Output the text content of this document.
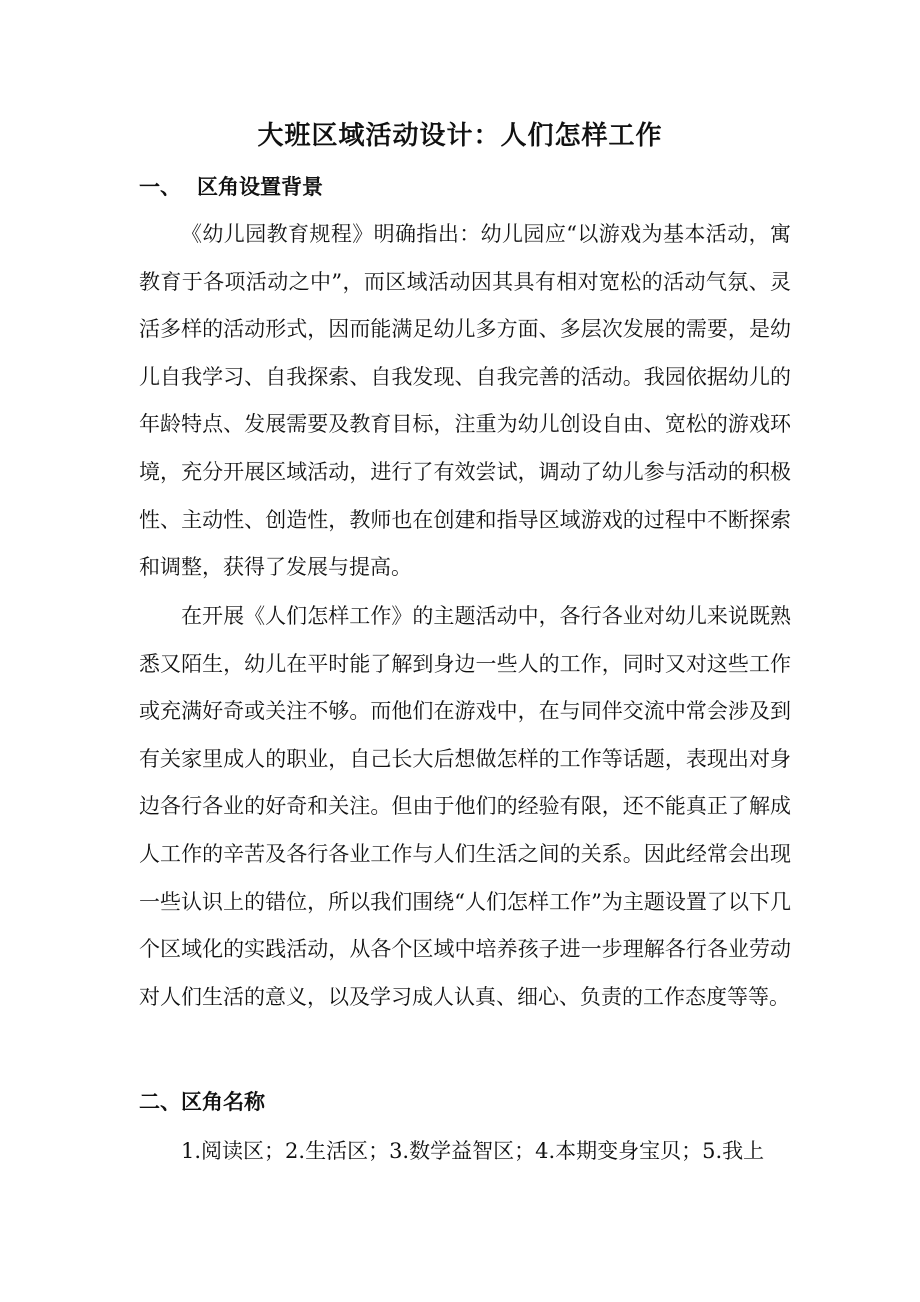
大班区域活动设计：人们怎样工作
一、 区角设置背景

《幼儿园教育规程》明确指出：幼儿园应“以游戏为基本活动，寓教育于各项活动之中”，而区域活动因其具有相对宽松的活动气氛、灵活多样的活动形式，因而能满足幼儿多方面、多层次发展的需要，是幼儿自我学习、自我探索、自我发现、自我完善的活动。我园依据幼儿的年龄特点、发展需要及教育目标，注重为幼儿创设自由、宽松的游戏环境，充分开展区域活动，进行了有效尝试，调动了幼儿参与活动的积极性、主动性、创造性，教师也在创建和指导区域游戏的过程中不断探索和调整，获得了发展与提高。

在开展《人们怎样工作》的主题活动中，各行各业对幼儿来说既熟悉又陌生，幼儿在平时能了解到身边一些人的工作，同时又对这些工作或充满好奇或关注不够。而他们在游戏中，在与同伴交流中常会涉及到有关家里成人的职业，自己长大后想做怎样的工作等话题，表现出对身边各行各业的好奇和关注。但由于他们的经验有限，还不能真正了解成人工作的辛苦及各行各业工作与人们生活之间的关系。因此经常会出现一些认识上的错位，所以我们围绕“人们怎样工作”为主题设置了以下几个区域化的实践活动，从各个区域中培养孩子进一步理解各行各业劳动对人们生活的意义，以及学习成人认真、细心、负责的工作态度等等。

二、区角名称

1.阅读区；2.生活区；3.数学益智区；4.本期变身宝贝；5.我上
